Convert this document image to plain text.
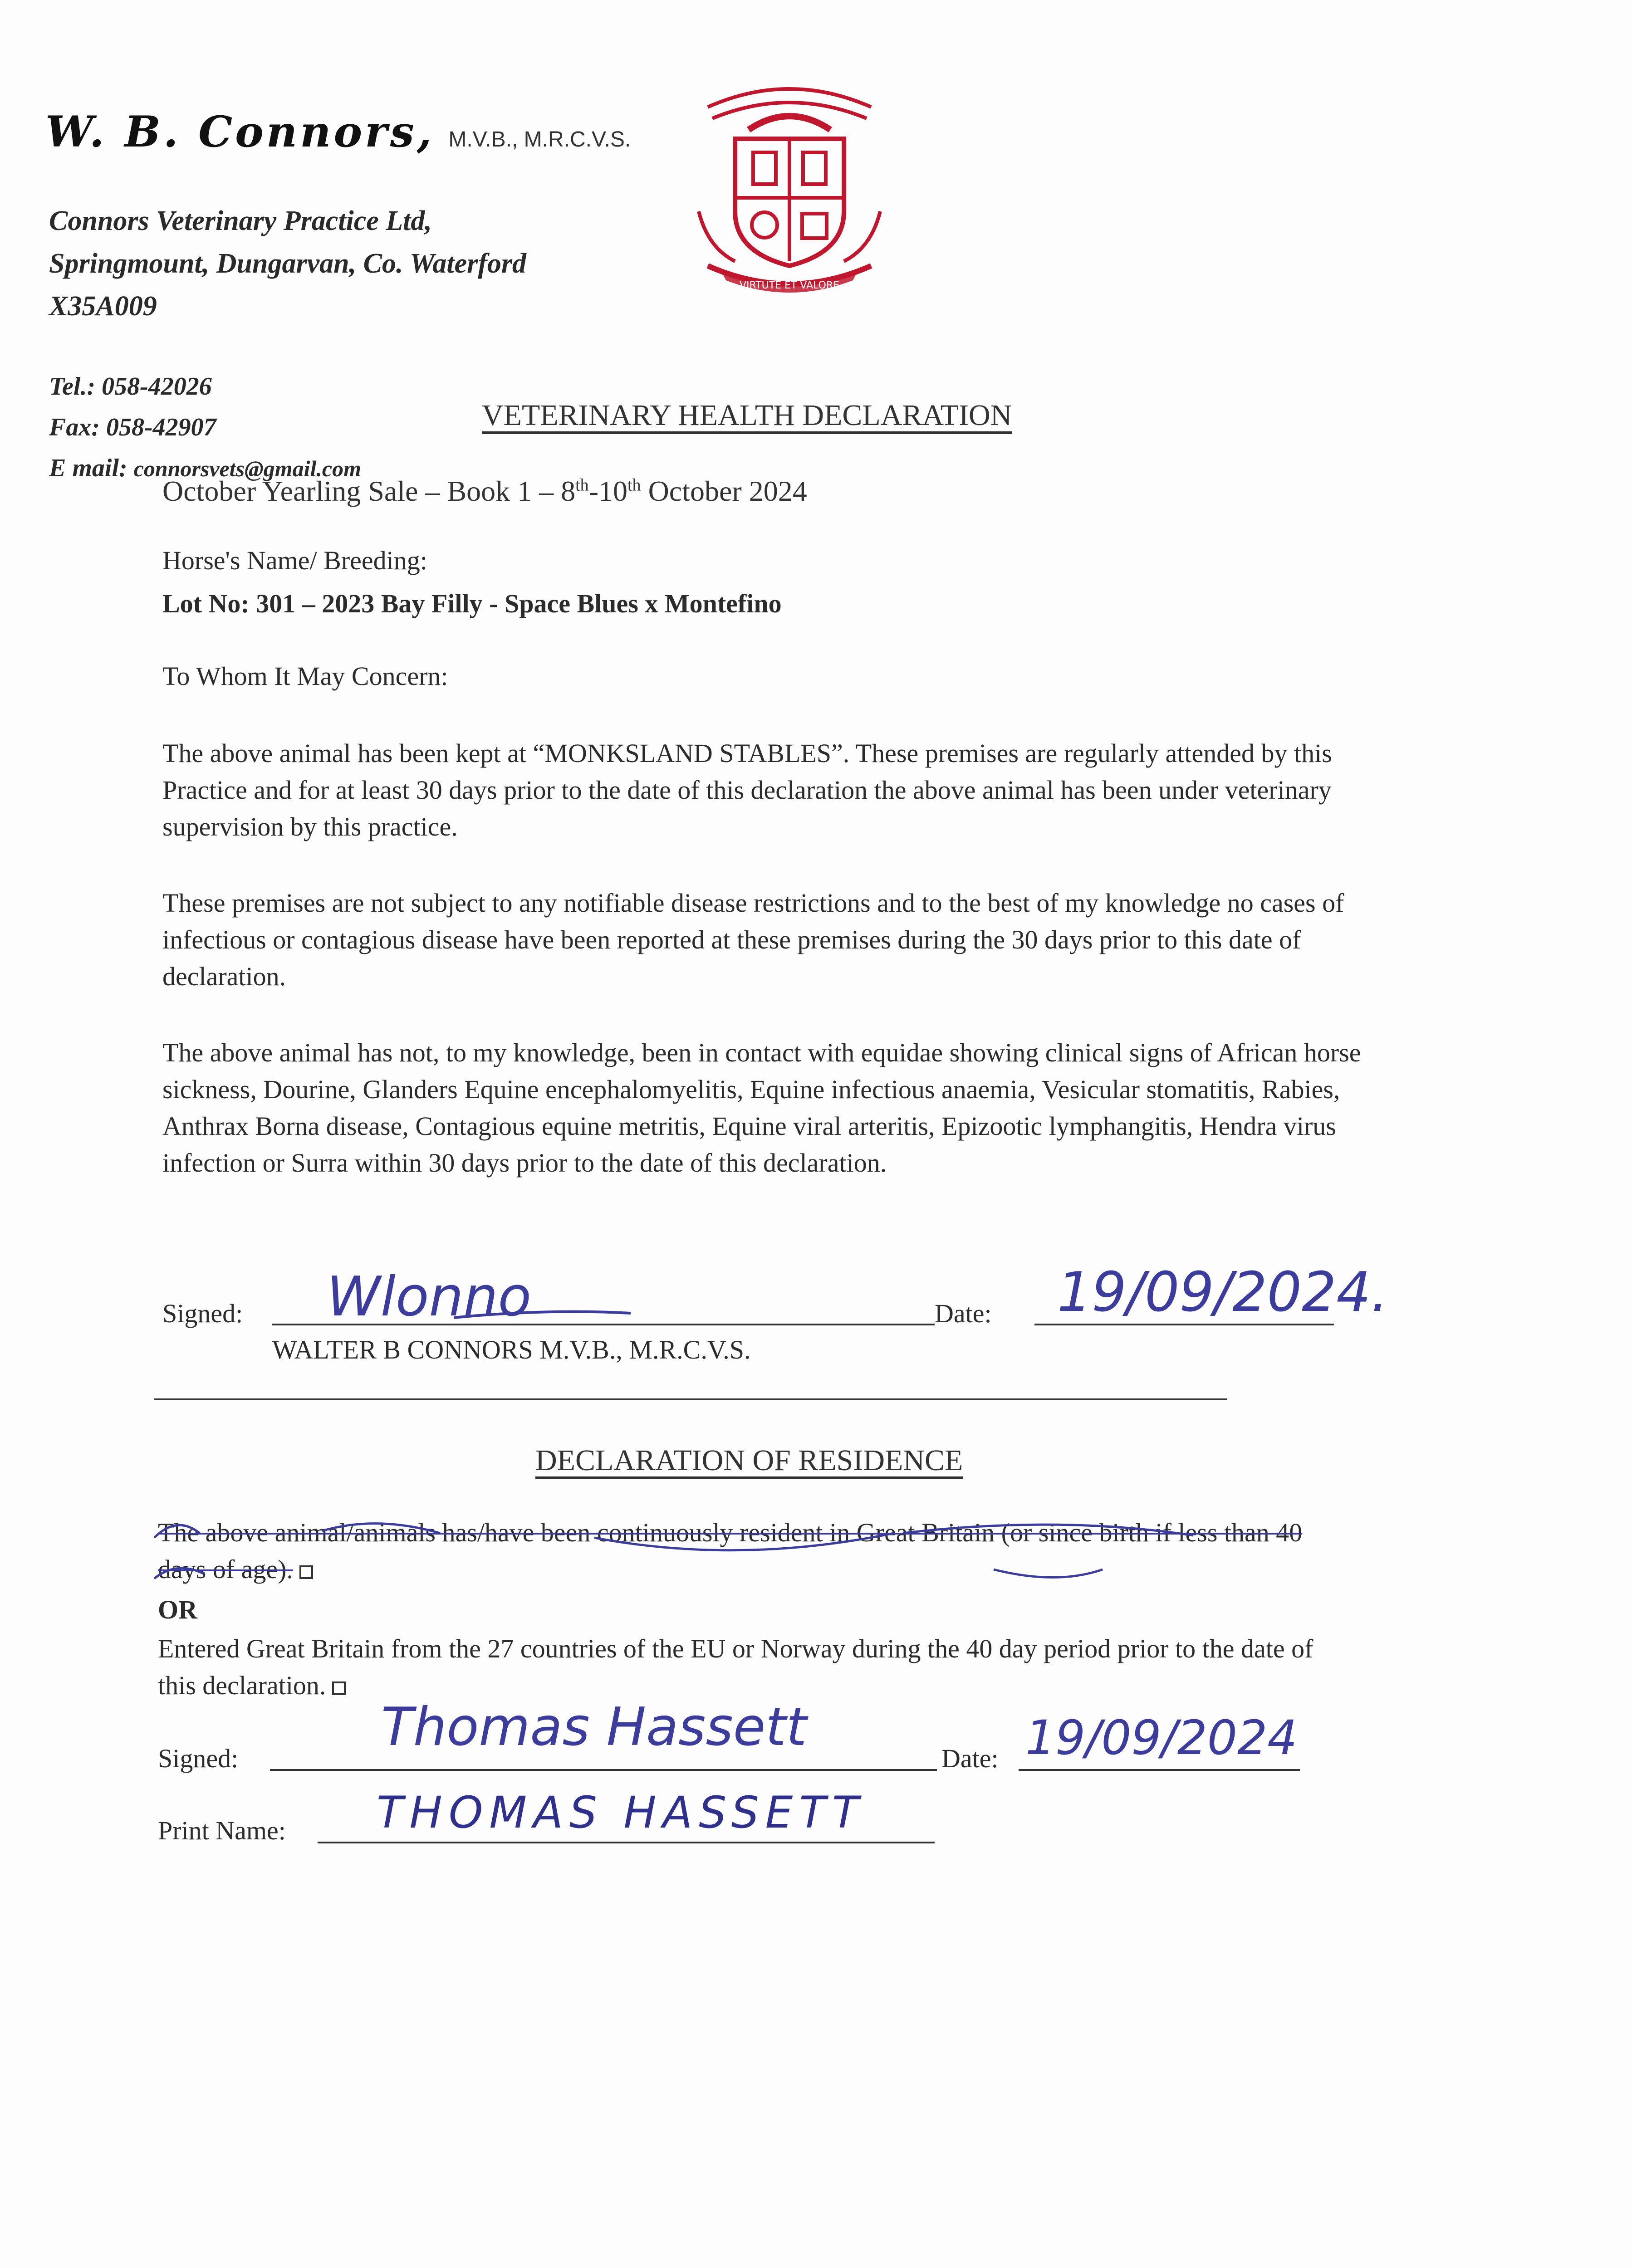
W. B. Connors, M.V.B., M.R.C.V.S.
Connors Veterinary Practice Ltd,
Springmount, Dungarvan, Co. Waterford
X35A009
Tel.: 058-42026
Fax: 058-42907
E mail: connorsvets@gmail.com
VIRTUTE ET VALORE
VETERINARY HEALTH DECLARATION
October Yearling Sale – Book 1 – 8th-10th October 2024
Horse's Name/ Breeding:
Lot No: 301 – 2023 Bay Filly - Space Blues x Montefino
To Whom It May Concern:
The above animal has been kept at “MONKSLAND STABLES”. These premises are regularly attended by this Practice and for at least 30 days prior to the date of this declaration the above animal has been under veterinary supervision by this practice.
These premises are not subject to any notifiable disease restrictions and to the best of my knowledge no cases of infectious or contagious disease have been reported at these premises during the 30 days prior to this date of declaration.
The above animal has not, to my knowledge, been in contact with equidae showing clinical signs of African horse sickness, Dourine, Glanders Equine encephalomyelitis, Equine infectious anaemia, Vesicular stomatitis, Rabies, Anthrax Borna disease, Contagious equine metritis, Equine viral arteritis, Epizootic lymphangitis, Hendra virus infection or Surra within 30 days prior to the date of this declaration.
Signed: Wlonno	Date: 19/09/2024.
WALTER B CONNORS M.V.B., M.R.C.V.S.
DECLARATION OF RESIDENCE
The above animal/animals has/have been continuously resident in Great Britain (or since birth if less than 40 days of age).
OR
Entered Great Britain from the 27 countries of the EU or Norway during the 40 day period prior to the date of this declaration.
Signed:
Thomas Hassett
Date: 19/09/2024
Print Name: THOMAS HASSETT
